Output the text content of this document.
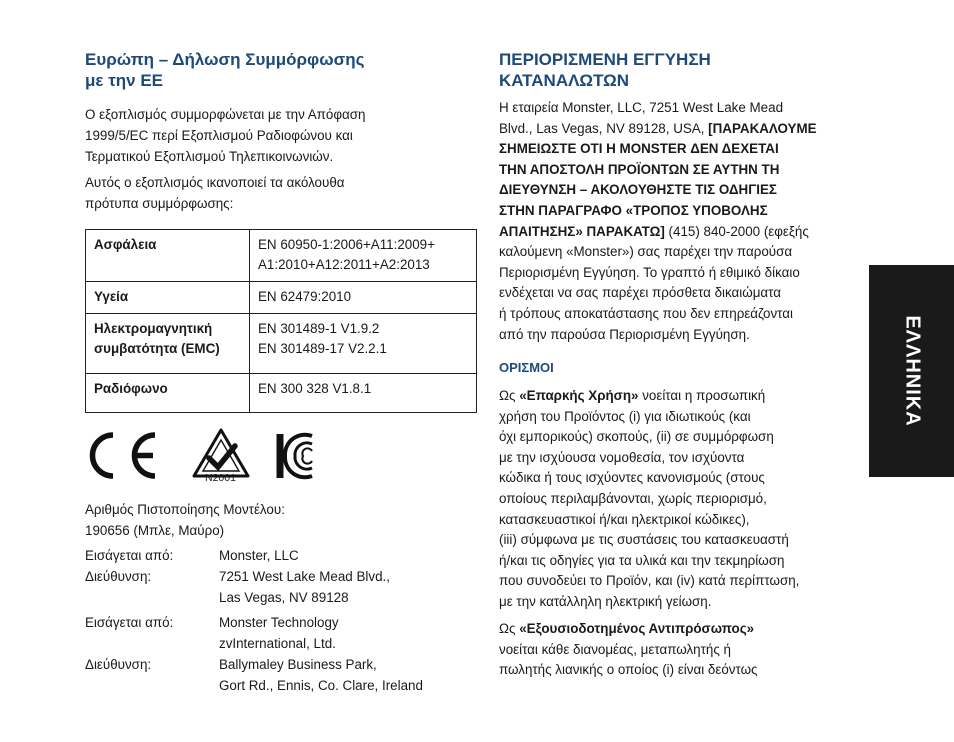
Ευρώπη – Δήλωση Συμμόρφωσης
με την ΕΕ

Ο εξοπλισμός συμμορφώνεται με την Απόφαση
1999/5/EC περί Εξοπλισμού Ραδιοφώνου και
Τερματικού Εξοπλισμού Τηλεπικοινωνιών.

Αυτός ο εξοπλισμός ικανοποιεί τα ακόλουθα
πρότυπα συμμόρφωσης:

Ασφάλεια	EN 60950-1:2006+A11:2009+
A1:2010+A12:2011+A2:2013
Υγεία	EN 62479:2010
Ηλεκτρομαγνητική
συμβατότητα (EMC)	EN 301489-1 V1.9.2
EN 301489-17 V2.2.1
Ραδιόφωνο	EN 300 328 V1.8.1
N2001

Αριθμός Πιστοποίησης Μοντέλου:
190656 (Μπλε, Μαύρο)

Εισάγεται από:	Monster, LLC
Διεύθυνση:	7251 West Lake Mead Blvd.,
Las Vegas, NV 89128
Εισάγεται από:	Monster Technology
zvInternational, Ltd.
Διεύθυνση:	Ballymaley Business Park,
Gort Rd., Ennis, Co. Clare, Ireland
ΠΕΡΙΟΡΙΣΜΕΝΗ ΕΓΓΥΗΣΗ
ΚΑΤΑΝΑΛΩΤΩΝ

Η εταιρεία Monster, LLC, 7251 West Lake Mead
Blvd., Las Vegas, NV 89128, USA, [ΠΑΡΑΚΑΛΟΥΜΕ
ΣΗΜΕΙΩΣΤΕ ΟΤΙ Η MONSTER ΔΕΝ ΔΕΧΕΤΑΙ
ΤΗΝ ΑΠΟΣΤΟΛΗ ΠΡΟΪΟΝΤΩΝ ΣΕ ΑΥΤΗΝ ΤΗ
ΔΙΕΥΘΥΝΣΗ – ΑΚΟΛΟΥΘΗΣΤΕ ΤΙΣ ΟΔΗΓΙΕΣ
ΣΤΗΝ ΠΑΡΑΓΡΑΦΟ «ΤΡΟΠΟΣ ΥΠΟΒΟΛΗΣ
ΑΠΑΙΤΗΣΗΣ» ΠΑΡΑΚΑΤΩ] (415) 840-2000 (εφεξής
καλούμενη «Monster») σας παρέχει την παρούσα
Περιορισμένη Εγγύηση. Το γραπτό ή εθιμικό δίκαιο
ενδέχεται να σας παρέχει πρόσθετα δικαιώματα
ή τρόπους αποκατάστασης που δεν επηρεάζονται
από την παρούσα Περιορισμένη Εγγύηση.

ΟΡΙΣΜΟΙ

Ως «Επαρκής Χρήση» νοείται η προσωπική
χρήση του Προϊόντος (i) για ιδιωτικούς (και
όχι εμπορικούς) σκοπούς, (ii) σε συμμόρφωση
με την ισχύουσα νομοθεσία, τον ισχύοντα
κώδικα ή τους ισχύοντες κανονισμούς (στους
οποίους περιλαμβάνονται, χωρίς περιορισμό,
κατασκευαστικοί ή/και ηλεκτρικοί κώδικες),
(iii) σύμφωνα με τις συστάσεις του κατασκευαστή
ή/και τις οδηγίες για τα υλικά και την τεκμηρίωση
που συνοδεύει το Προϊόν, και (iv) κατά περίπτωση,
με την κατάλληλη ηλεκτρική γείωση.

Ως «Εξουσιοδοτημένος Αντιπρόσωπος»
νοείται κάθε διανομέας, μεταπωλητής ή
πωλητής λιανικής ο οποίος (i) είναι δεόντως

ΕΛΛΗΝΙΚΑ
